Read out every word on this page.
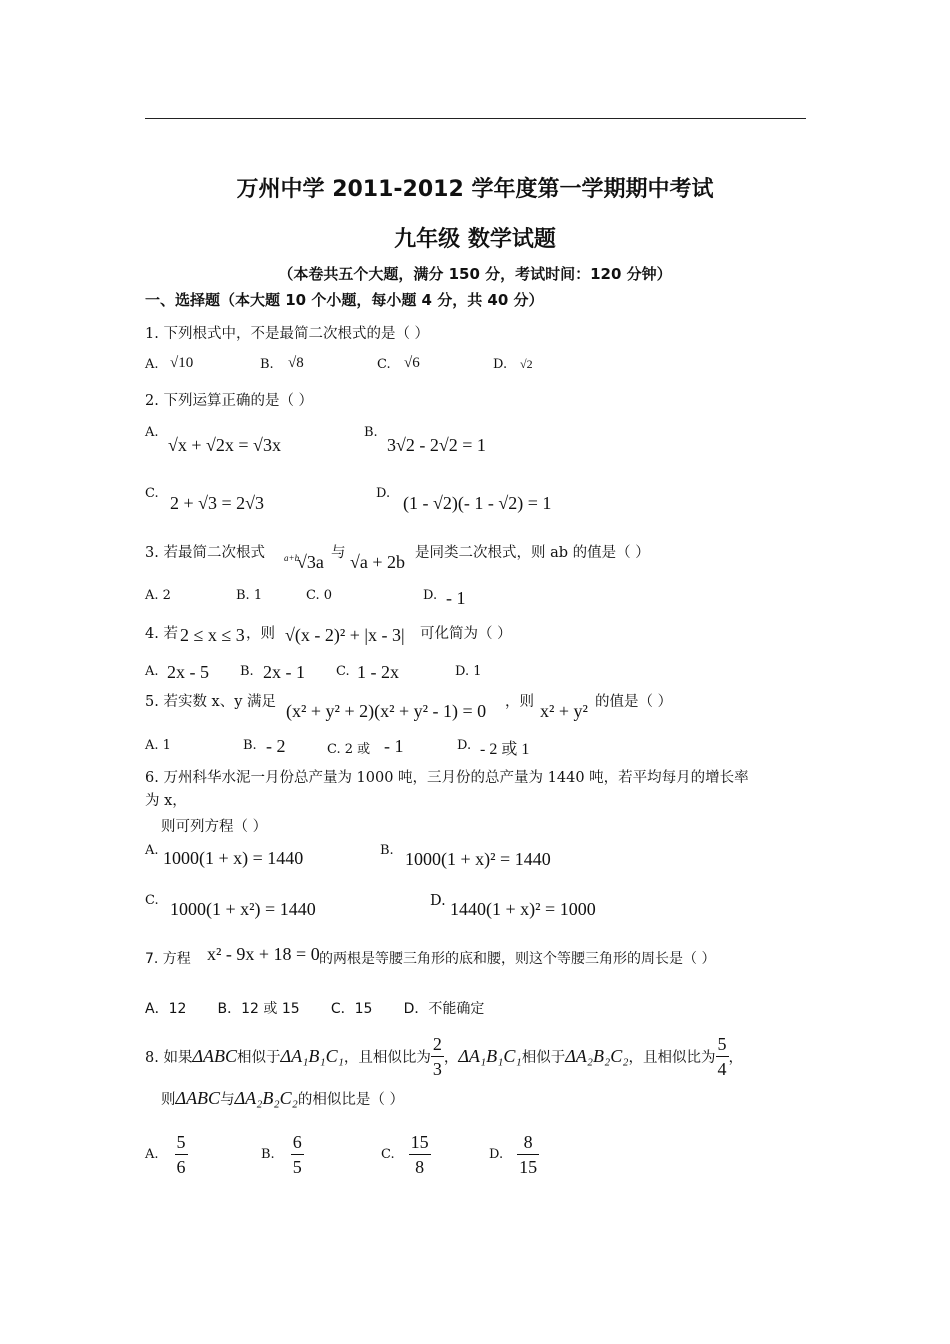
万州中学 2011-2012 学年度第一学期期中考试
九年级 数学试题
（本卷共五个大题，满分 150 分，考试时间：120 分钟）
一、选择题（本大题 10 个小题，每小题 4 分，共 40 分）
1. 下列根式中，不是最简二次根式的是（ ）
A. √10	B. √8	C. √6	D. √2
2. 下列运算正确的是（ ）
A.
√x + √2x = √3x
B.
3√2 - 2√2 = 1
C. 2 + √3 = 2√3	D. (1 - √2)(- 1 - √2) = 1
3. 若最简二次根式 a+b
√3a 与 √a + 2b 是同类二次根式，则 ab 的值是（ ）
A. 2	B. 1	C. 0	D. - 1
4. 若 2 ≤ x ≤ 3 ，则 √(x - 2)² + |x - 3| 可化简为（ ）
A. 2x - 5 B. 2x - 1 C. 1 - 2x	D. 1
5. 若实数 x、y 满足 (x² + y² + 2)(x² + y² - 1) = 0 ，则 x² + y² 的值是（ ）
A. 1	B. - 2	C. 2 或 - 1	D. - 2 或 1
6. 万州科华水泥一月份总产量为 1000 吨，三月份的总产量为 1440 吨，若平均每月的增长率
为 x，
则可列方程（ ）
A. 1000(1 + x) = 1440	B. 1000(1 + x)² = 1440
C. 1000(1 + x²) = 1440	D. 1440(1 + x)² = 1000
7. 方程 x² - 9x + 18 = 0 的两根是等腰三角形的底和腰，则这个等腰三角形的周长是（ ）
A．12       B．12 或 15       C．15       D．不能确定
8. 如果 ΔABC 相似于 ΔA₁B₁C₁ ，且相似比为 $\frac{2}{3}$ ， ΔA₁B₁C₁ 相似于 ΔA₂B₂C₂ ，且相似比为 $\frac{5}{4}$ ，
则 ΔABC 与 ΔA₂B₂C₂ 的相似比是（ ）
A. $\frac{5}{6}$	B. $\frac{6}{5}$	C. $\frac{15}{8}$	D. $\frac{8}{15}$
